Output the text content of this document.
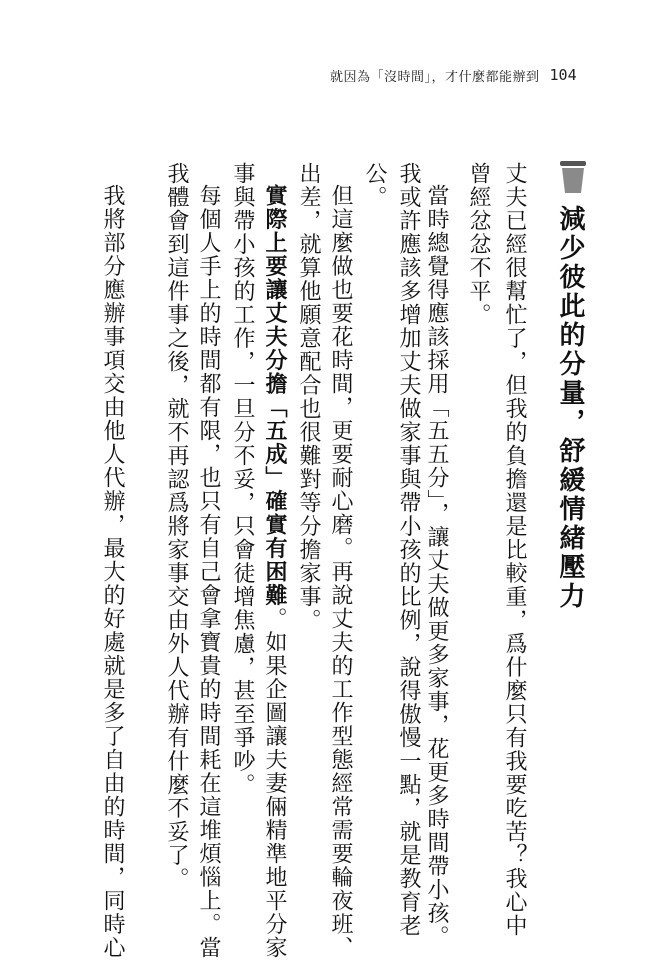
就因為「沒時間」，才什麼都能辦到 104
減少彼此的分量，舒緩情緒壓力
丈夫已經很幫忙了，但我的負擔還是比較重，爲什麼只有我要吃苦？我心中
曾經忿忿不平。
當時總覺得應該採用「五五分」，讓丈夫做更多家事，花更多時間帶小孩。
我或許應該多增加丈夫做家事與帶小孩的比例，說得傲慢一點，就是教育老
公。
但這麼做也要花時間，更要耐心磨。再說丈夫的工作型態經常需要輪夜班、
出差，就算他願意配合也很難對等分擔家事。
實際上要讓丈夫分擔「五成」確實有困難。如果企圖讓夫妻倆精準地平分家
事與帶小孩的工作，一旦分不妥，只會徒增焦慮，甚至爭吵。
每個人手上的時間都有限，也只有自己會拿寶貴的時間耗在這堆煩惱上。當
我體會到這件事之後，就不再認爲將家事交由外人代辦有什麼不妥了。
我將部分應辦事項交由他人代辦，最大的好處就是多了自由的時間，同時心
